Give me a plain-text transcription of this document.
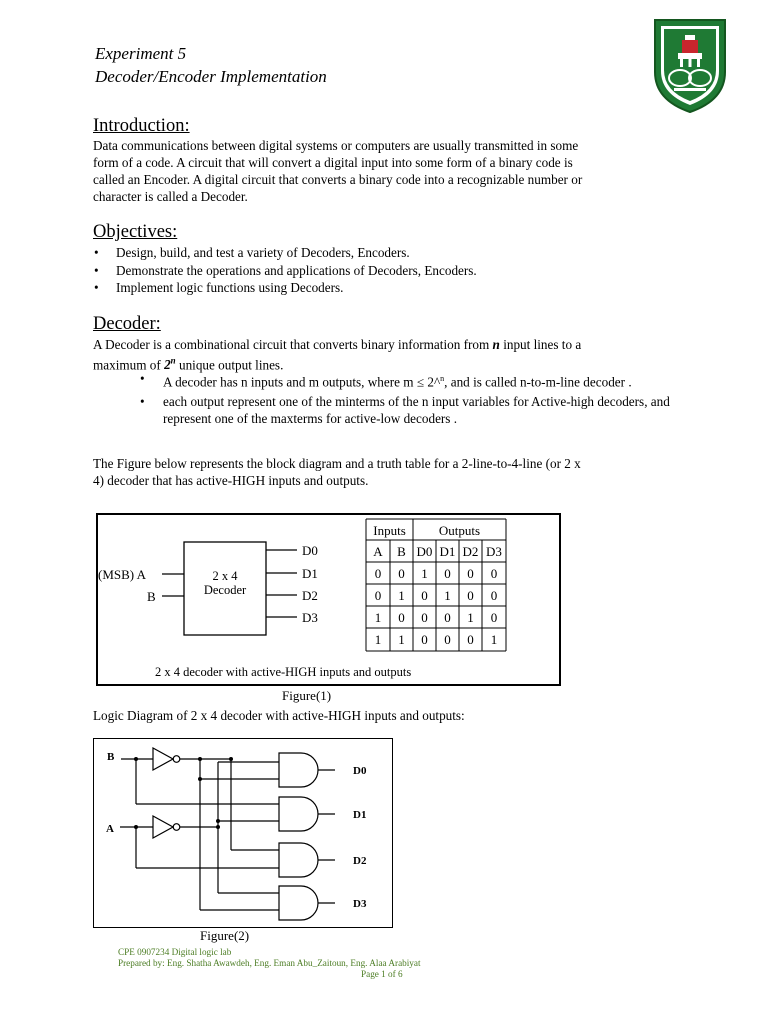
Experiment 5
Decoder/Encoder Implementation
Introduction:
Data communications between digital systems or computers are usually transmitted in some
form of a code. A circuit that will convert a digital input into some form of a binary code is
called an Encoder. A digital circuit that converts a binary code into a recognizable number or
character is called a Decoder.
Objectives:
• Design, build, and test a variety of Decoders, Encoders.
• Demonstrate the operations and applications of Decoders, Encoders.
• Implement logic functions using Decoders.
Decoder:
A Decoder is a combinational circuit that converts binary information from n input lines to a
maximum of 2$^n$ unique output lines.
• A decoder has n inputs and m outputs, where m ≤ 2^$^n$, and is called n-to-m-line decoder .
• each output represent one of the minterms of the n input variables for Active-high decoders, and represent one of the maxterms for active-low decoders .
The Figure below represents the block diagram and a truth table for a 2-line-to-4-line (or 2 x
4) decoder that has active-HIGH inputs and outputs.
(MSB) A
B
2 x 4
Decoder
D0
D1
D2
D3
Inputs	Outputs
A B D0 D1 D2 D3
0 0 1 0 0 0
0 1 0 1 0 0
1 0 0 0 1 0
1 1 0 0 0 1
2 x 4 decoder with active-HIGH inputs and outputs
Figure(1)
Logic Diagram of 2 x 4 decoder with active-HIGH inputs and outputs:
B
A
D0
D1
D2
D3
Figure(2)
CPE 0907234 Digital logic lab
Prepared by: Eng. Shatha Awawdeh, Eng. Eman Abu_Zaitoun, Eng. Alaa Arabiyat
Page 1 of 6
